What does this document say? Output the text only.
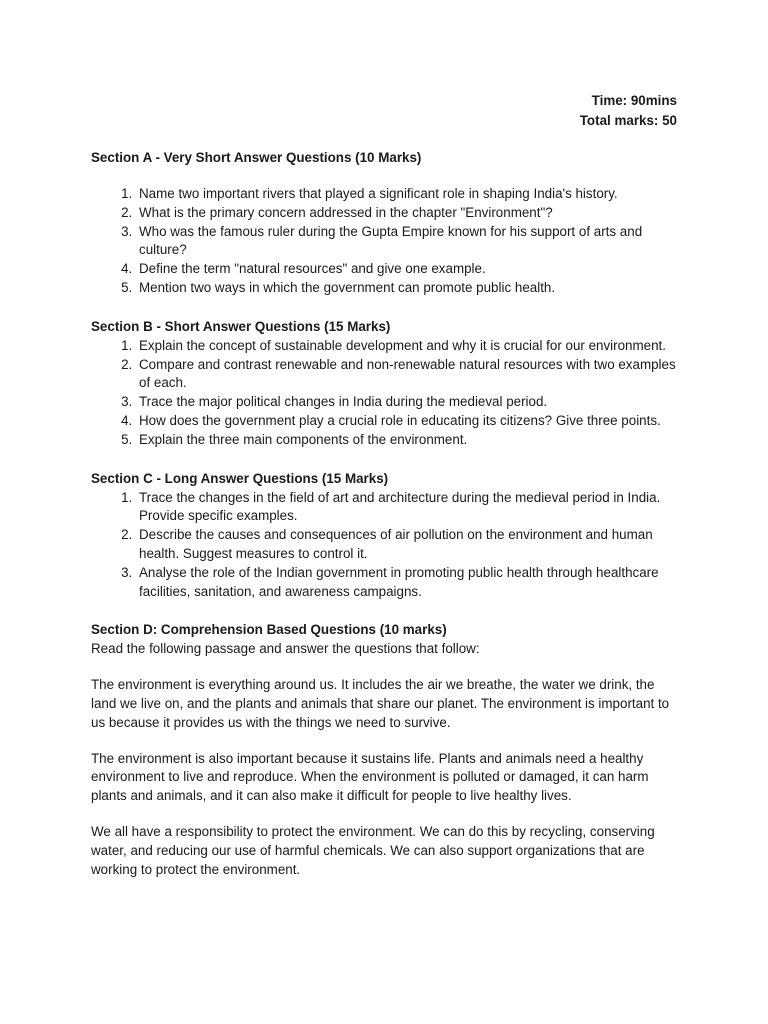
Time: 90mins
Total marks: 50
Section A - Very Short Answer Questions (10 Marks)
1. Name two important rivers that played a significant role in shaping India's history.
2. What is the primary concern addressed in the chapter "Environment"?
3. Who was the famous ruler during the Gupta Empire known for his support of arts and culture?
4. Define the term "natural resources" and give one example.
5. Mention two ways in which the government can promote public health.
Section B - Short Answer Questions (15 Marks)
1. Explain the concept of sustainable development and why it is crucial for our environment.
2. Compare and contrast renewable and non-renewable natural resources with two examples of each.
3. Trace the major political changes in India during the medieval period.
4. How does the government play a crucial role in educating its citizens? Give three points.
5. Explain the three main components of the environment.
Section C - Long Answer Questions (15 Marks)
1. Trace the changes in the field of art and architecture during the medieval period in India. Provide specific examples.
2. Describe the causes and consequences of air pollution on the environment and human health. Suggest measures to control it.
3. Analyse the role of the Indian government in promoting public health through healthcare facilities, sanitation, and awareness campaigns.
Section D: Comprehension Based Questions (10 marks)

Read the following passage and answer the questions that follow:

The environment is everything around us. It includes the air we breathe, the water we drink, the land we live on, and the plants and animals that share our planet. The environment is important to us because it provides us with the things we need to survive.

The environment is also important because it sustains life. Plants and animals need a healthy environment to live and reproduce. When the environment is polluted or damaged, it can harm plants and animals, and it can also make it difficult for people to live healthy lives.

We all have a responsibility to protect the environment. We can do this by recycling, conserving water, and reducing our use of harmful chemicals. We can also support organizations that are working to protect the environment.
